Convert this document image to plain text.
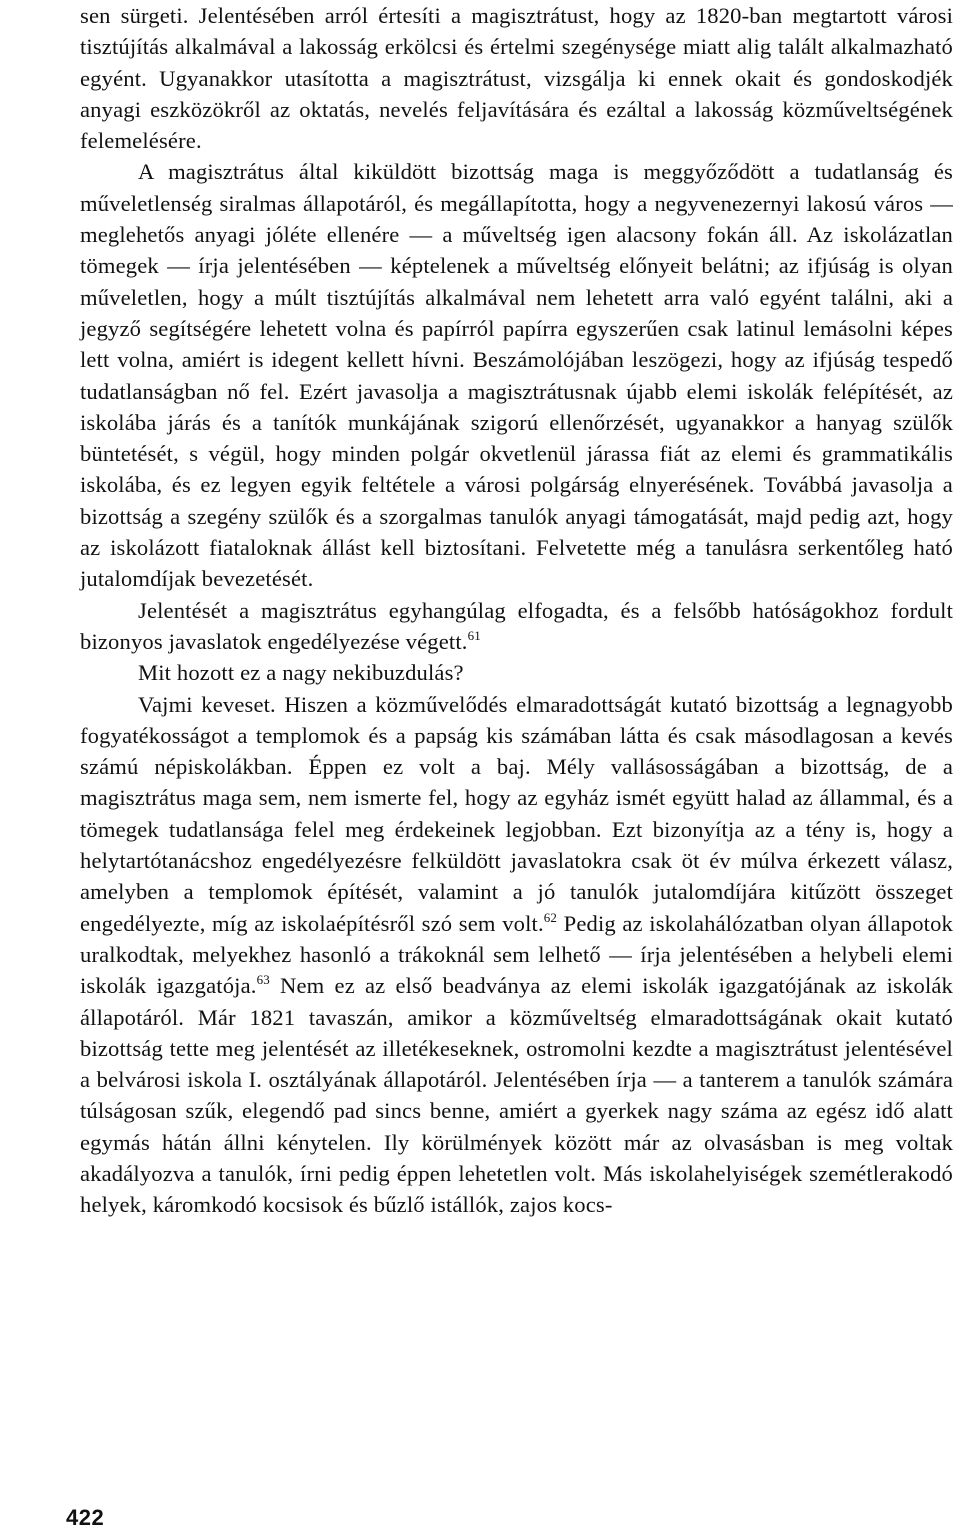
sen sürgeti. Jelentésében arról értesíti a magisztrátust, hogy az 1820-ban megtartott városi tisztújítás alkalmával a lakosság erkölcsi és értelmi szegénysége miatt alig talált alkalmazható egyént. Ugyanakkor utasította a magisztrátust, vizsgálja ki ennek okait és gondoskodjék anyagi eszközökről az oktatás, nevelés feljavítására és ezáltal a lakosság közműveltségének felemelésére.

A magisztrátus által kiküldött bizottság maga is meggyőződött a tudatlanság és műveletlenség siralmas állapotáról, és megállapította, hogy a negyvenezernyi lakosú város — meglehetős anyagi jóléte ellenére — a műveltség igen alacsony fokán áll. Az iskolázatlan tömegek — írja jelentésében — képtelenek a műveltség előnyeit belátni; az ifjúság is olyan műveletlen, hogy a múlt tisztújítás alkalmával nem lehetett arra való egyént találni, aki a jegyző segítségére lehetett volna és papírról papírra egyszerűen csak latinul lemásolni képes lett volna, amiért is idegent kellett hívni. Beszámolójában leszögezi, hogy az ifjúság tespedő tudatlanságban nő fel. Ezért javasolja a magisztrátusnak újabb elemi iskolák felépítését, az iskolába járás és a tanítók munkájának szigorú ellenőrzését, ugyanakkor a hanyag szülők büntetését, s végül, hogy minden polgár okvetlenül járassa fiát az elemi és grammatikális iskolába, és ez legyen egyik feltétele a városi polgárság elnyerésének. Továbbá javasolja a bizottság a szegény szülők és a szorgalmas tanulók anyagi támogatását, majd pedig azt, hogy az iskolázott fiataloknak állást kell biztosítani. Felvetette még a tanulásra serkentőleg ható jutalomdíjak bevezetését.

Jelentését a magisztrátus egyhangúlag elfogadta, és a felsőbb hatóságokhoz fordult bizonyos javaslatok engedélyezése végett.$^{61}$

Mit hozott ez a nagy nekibuzdulás?

Vajmi keveset. Hiszen a közművelődés elmaradottságát kutató bizottság a legnagyobb fogyatékosságot a templomok és a papság kis számában látta és csak másodlagosan a kevés számú népiskolákban. Éppen ez volt a baj. Mély vallásosságában a bizottság, de a magisztrátus maga sem, nem ismerte fel, hogy az egyház ismét együtt halad az állammal, és a tömegek tudatlansága felel meg érdekeinek legjobban. Ezt bizonyítja az a tény is, hogy a helytartótanácshoz engedélyezésre felküldött javaslatokra csak öt év múlva érkezett válasz, amelyben a templomok építését, valamint a jó tanulók jutalomdíjára kitűzött összeget engedélyezte, míg az iskolaépítésről szó sem volt.$^{62}$ Pedig az iskolahálózatban olyan állapotok uralkodtak, melyekhez hasonló a trákoknál sem lelhető — írja jelentésében a helybeli elemi iskolák igazgatója.$^{63}$ Nem ez az első beadványa az elemi iskolák igazgatójának az iskolák állapotáról. Már 1821 tavaszán, amikor a közműveltség elmaradottságának okait kutató bizottság tette meg jelentését az illetékeseknek, ostromolni kezdte a magisztrátust jelentésével a belvárosi iskola I. osztályának állapotáról. Jelentésében írja — a tanterem a tanulók számára túlságosan szűk, elegendő pad sincs benne, amiért a gyerkek nagy száma az egész idő alatt egymás hátán állni kénytelen. Ily körülmények között már az olvasásban is meg voltak akadályozva a tanulók, írni pedig éppen lehetetlen volt. Más iskolahelyiségek szemétlerakodó helyek, káromkodó kocsisok és bűzlő istállók, zajos kocs-

422
